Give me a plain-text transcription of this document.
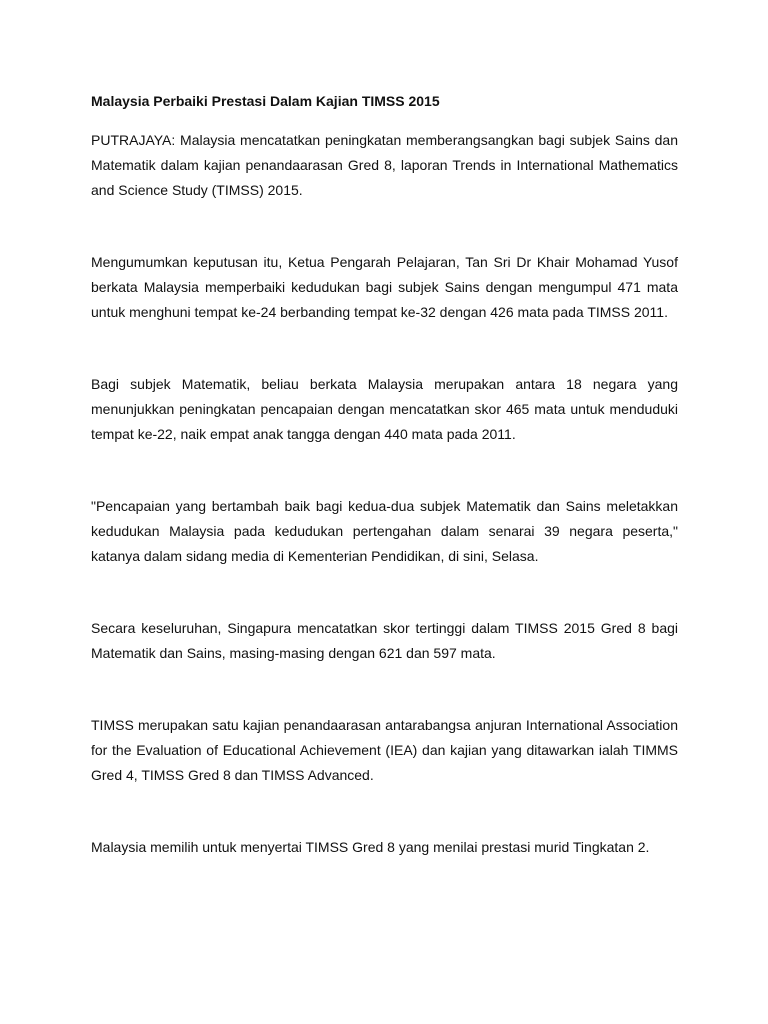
Malaysia Perbaiki Prestasi Dalam Kajian TIMSS 2015

PUTRAJAYA: Malaysia mencatatkan peningkatan memberangsangkan bagi subjek Sains dan Matematik dalam kajian penandaarasan Gred 8, laporan Trends in International Mathematics and Science Study (TIMSS) 2015.

Mengumumkan keputusan itu, Ketua Pengarah Pelajaran, Tan Sri Dr Khair Mohamad Yusof berkata Malaysia memperbaiki kedudukan bagi subjek Sains dengan mengumpul 471 mata untuk menghuni tempat ke-24 berbanding tempat ke-32 dengan 426 mata pada TIMSS 2011.

Bagi subjek Matematik, beliau berkata Malaysia merupakan antara 18 negara yang menunjukkan peningkatan pencapaian dengan mencatatkan skor 465 mata untuk menduduki tempat ke-22, naik empat anak tangga dengan 440 mata pada 2011.

"Pencapaian yang bertambah baik bagi kedua-dua subjek Matematik dan Sains meletakkan kedudukan Malaysia pada kedudukan pertengahan dalam senarai 39 negara peserta," katanya dalam sidang media di Kementerian Pendidikan, di sini, Selasa.

Secara keseluruhan, Singapura mencatatkan skor tertinggi dalam TIMSS 2015 Gred 8 bagi Matematik dan Sains, masing-masing dengan 621 dan 597 mata.

TIMSS merupakan satu kajian penandaarasan antarabangsa anjuran International Association for the Evaluation of Educational Achievement (IEA) dan kajian yang ditawarkan ialah TIMMS Gred 4, TIMSS Gred 8 dan TIMSS Advanced.

Malaysia memilih untuk menyertai TIMSS Gred 8 yang menilai prestasi murid Tingkatan 2.
